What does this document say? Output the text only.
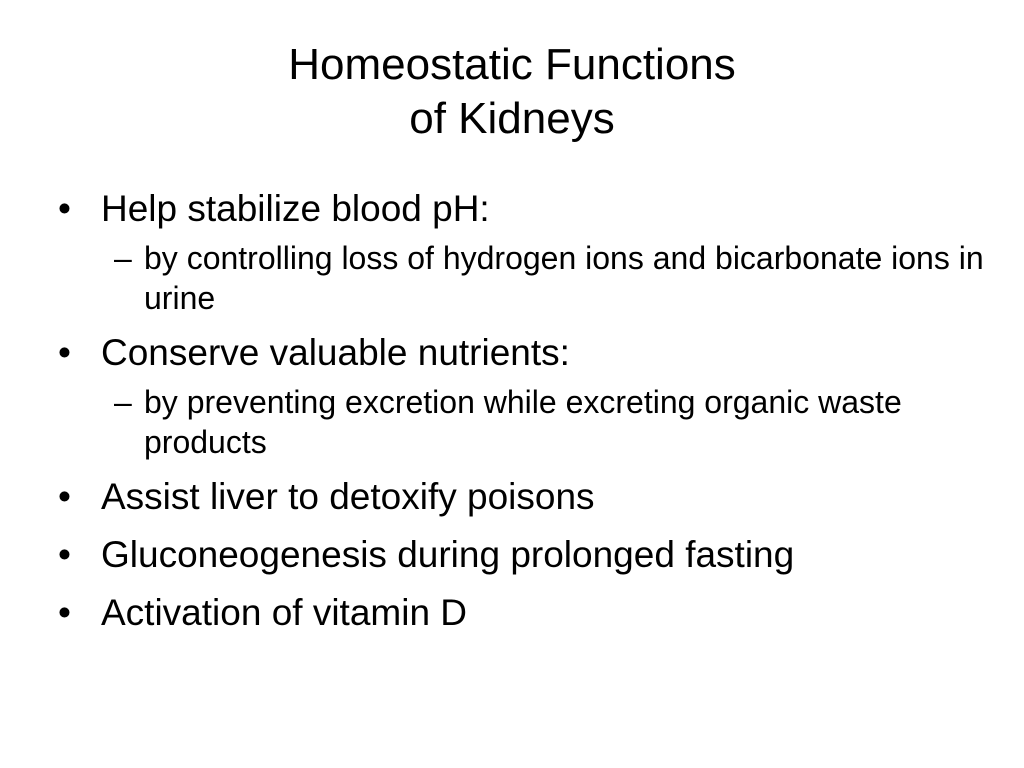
Homeostatic Functions
of Kidneys
• Help stabilize blood pH:
– by controlling loss of hydrogen ions and bicarbonate ions in urine
• Conserve valuable nutrients:
– by preventing excretion while excreting organic waste products
• Assist liver to detoxify poisons
• Gluconeogenesis during prolonged fasting
• Activation of vitamin D
